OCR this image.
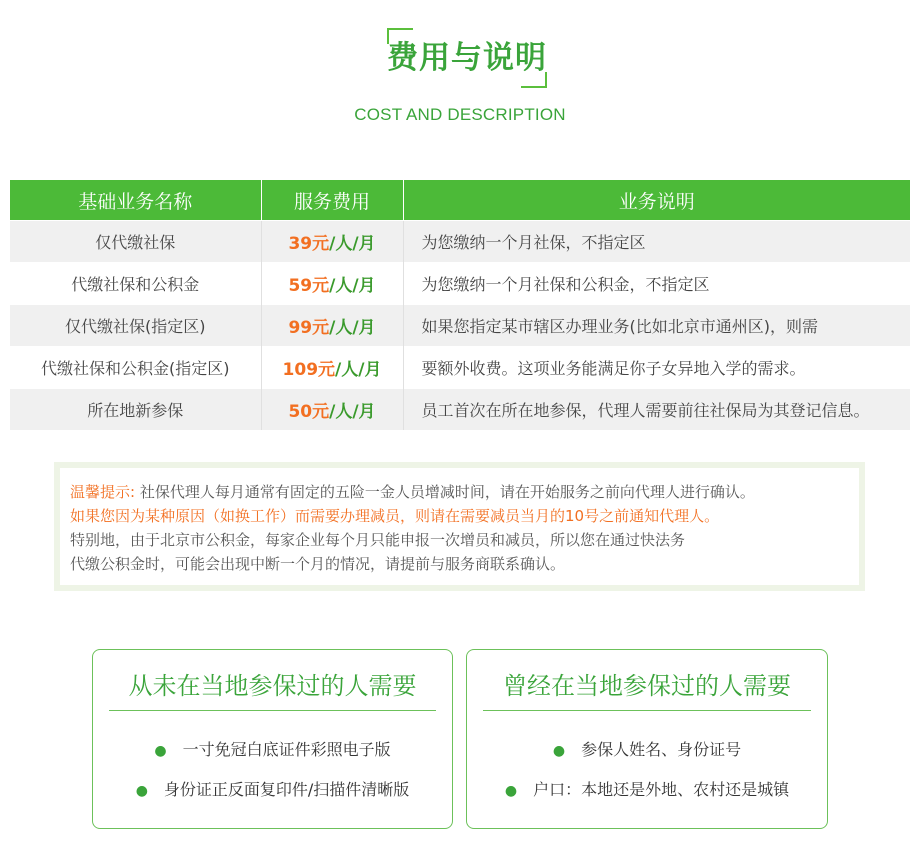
费用与说明
COST AND DESCRIPTION
基础业务名称	服务费用	业务说明
仅代缴社保	39元/人/月	为您缴纳一个月社保，不指定区
代缴社保和公积金	59元/人/月	为您缴纳一个月社保和公积金，不指定区
仅代缴社保(指定区)	99元/人/月	如果您指定某市辖区办理业务(比如北京市通州区)，则需
代缴社保和公积金(指定区)	109元/人/月	要额外收费。这项业务能满足你子女异地入学的需求。
所在地新参保	50元/人/月	员工首次在所在地参保，代理人需要前往社保局为其登记信息。

温馨提示: 社保代理人每月通常有固定的五险一金人员增减时间，请在开始服务之前向代理人进行确认。

如果您因为某种原因（如换工作）而需要办理减员，则请在需要减员当月的10号之前通知代理人。

特别地，由于北京市公积金，每家企业每个月只能申报一次增员和减员，所以您在通过快法务

代缴公积金时，可能会出现中断一个月的情况，请提前与服务商联系确认。

从未在当地参保过的人需要
● 一寸免冠白底证件彩照电子版
● 身份证正反面复印件/扫描件清晰版
曾经在当地参保过的人需要
● 参保人姓名、身份证号
● 户口：本地还是外地、农村还是城镇
